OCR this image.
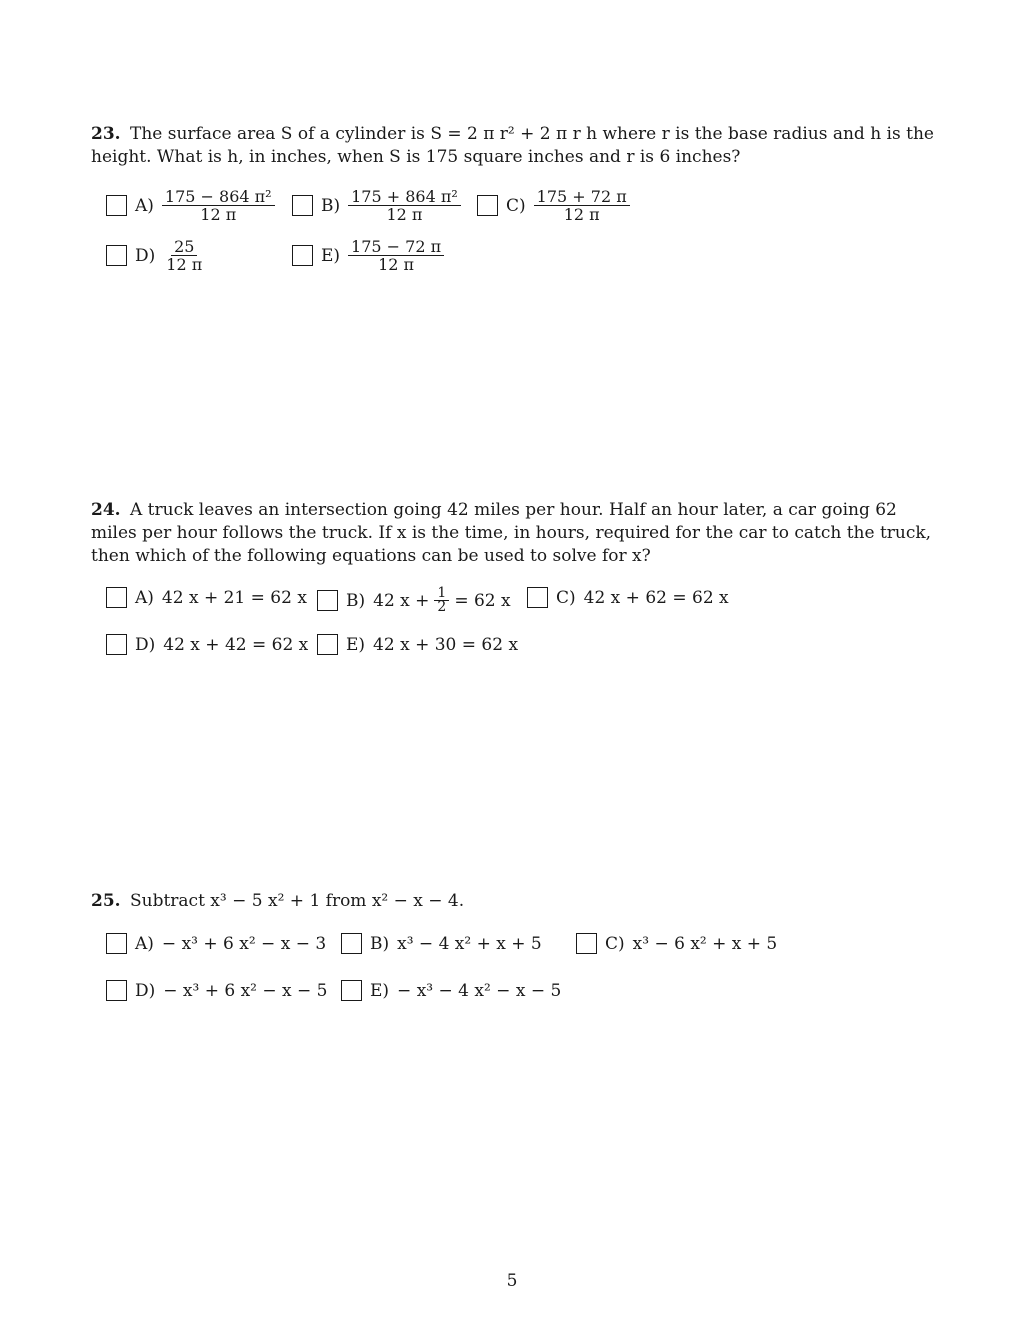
23. The surface area S of a cylinder is S = 2 π r² + 2 π r h where r is the base radius and h is the height. What is h, in inches, when S is 175 square inches and r is 6 inches?

$A) \frac{\text{175 − 864 π²}}{12 \pi}$	$B) \frac{\text{175 + 864 π²}}{12 \pi}$	$C) \frac{175 + 72 \pi}{12 \pi}$
$D) \frac{25}{12 \pi}$	$E) \frac{175 - 72 \pi}{12 \pi}$

24. A truck leaves an intersection going 42 miles per hour. Half an hour later, a car going 62 miles per hour follows the truck. If x is the time, in hours, required for the car to catch the truck, then which of the following equations can be used to solve for x?

A) 42 x + 21 = 62 x B) 42 $x + \frac{1}{2} = 62$ x	C) 42 x + 62 = 62 x
D) 42 x + 42 = 62 x E) 42 x + 30 = 62 x

25. Subtract x³ − 5 x² + 1 from x² − x − 4.

A) − x³ + 6 x² − x − 3	B) x³ − 4 x² + x + 5	C) x³ − 6 x² + x + 5
D) − x³ + 6 x² − x − 5	E) − x³ − 4 x² − x − 5
5
